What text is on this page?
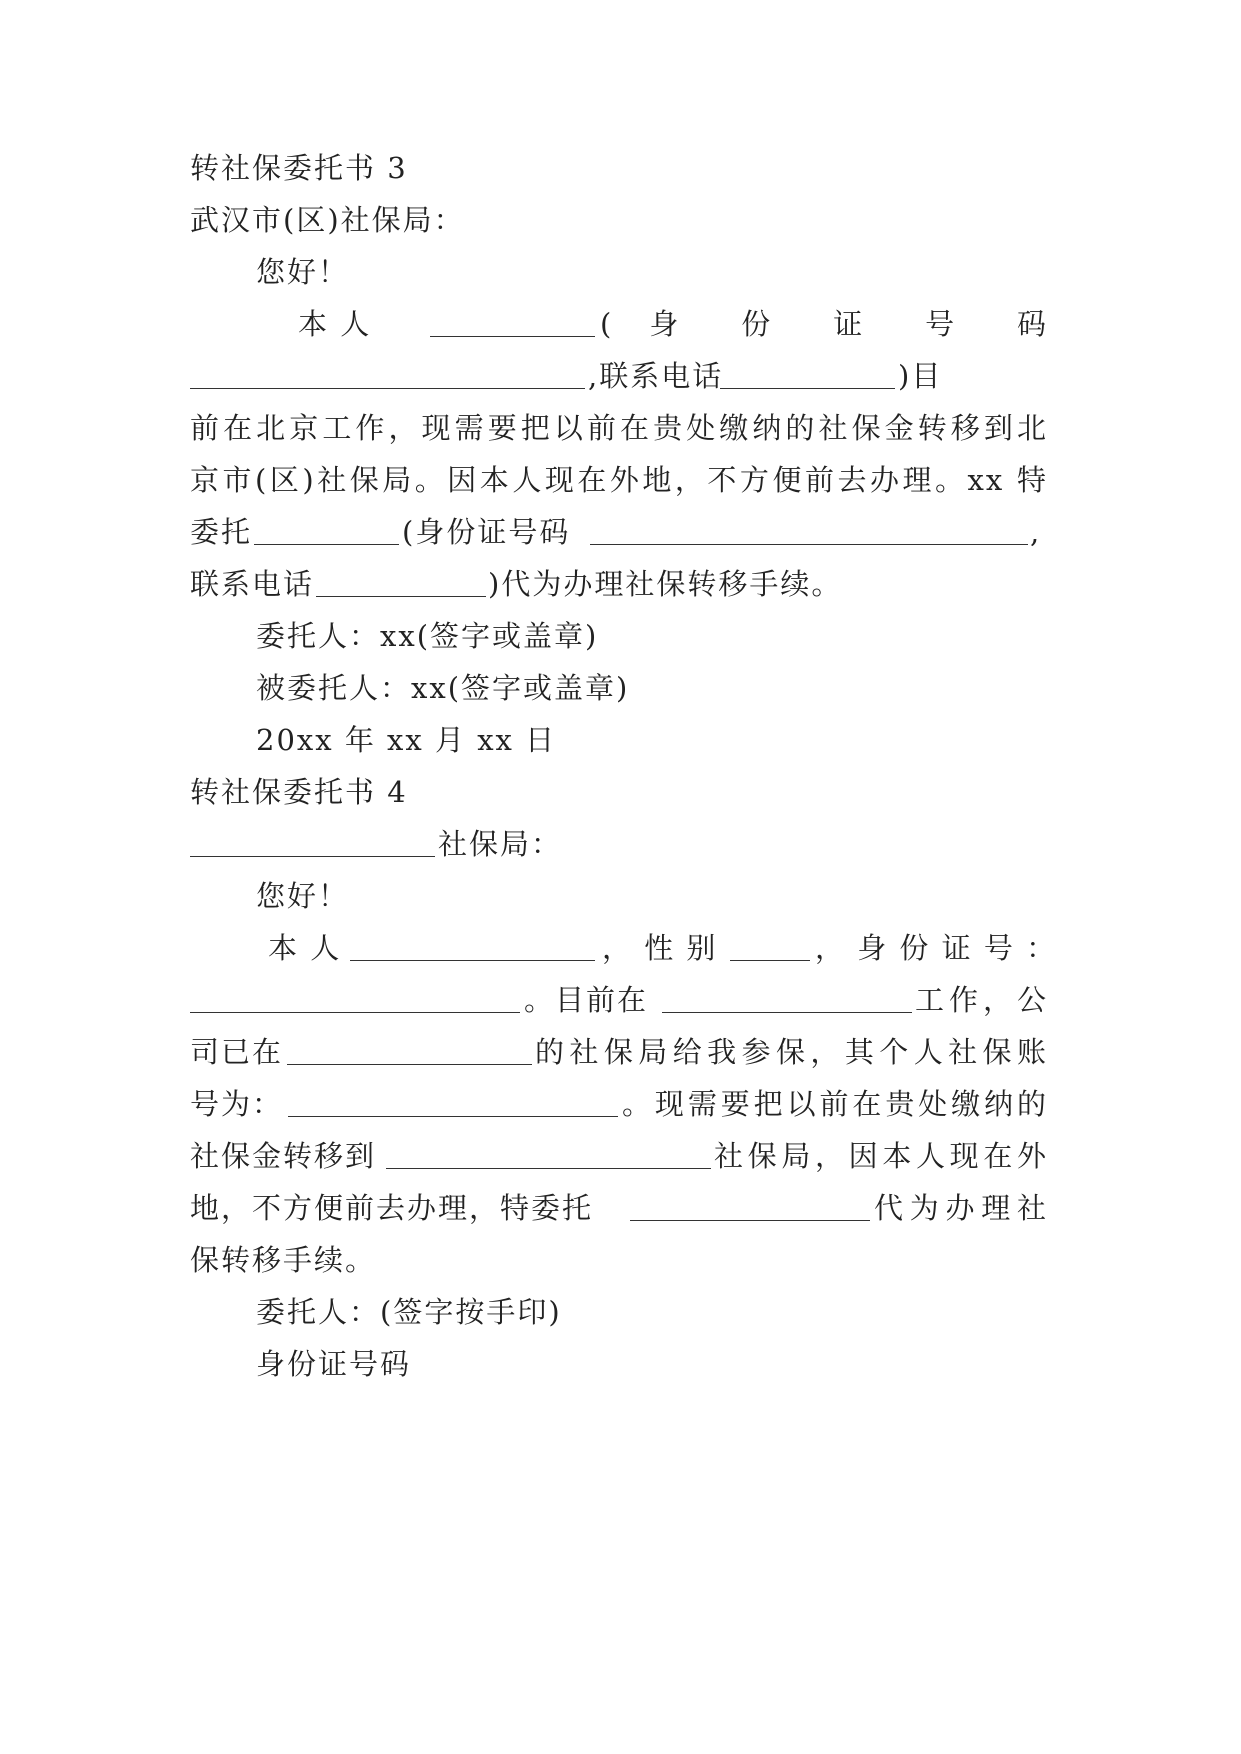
转社保委托书 3
武汉市(区)社保局：
您好！
本 人	( 身 份 证 号 码
,联系电话	)目
前在北京工作，现需要把以前在贵处缴纳的社保金转移到北
京市(区)社保局。因本人现在外地，不方便前去办理。xx 特
委托	(身份证号码	,
联系电话	)代为办理社保转移手续。
委托人：xx(签字或盖章)
被委托人：xx(签字或盖章)
20xx 年 xx 月 xx 日
转社保委托书 4
社保局：
您好！
本 人	， 性 别	， 身 份 证 号 ：
。目前在	工作，公
司已在	的社保局给我参保，其个人社保账
号为：	。现需要把以前在贵处缴纳的
社保金转移到	社保局，因本人现在外
地，不方便前去办理，特委托	代为办理社
保转移手续。
委托人：(签字按手印)
身份证号码
